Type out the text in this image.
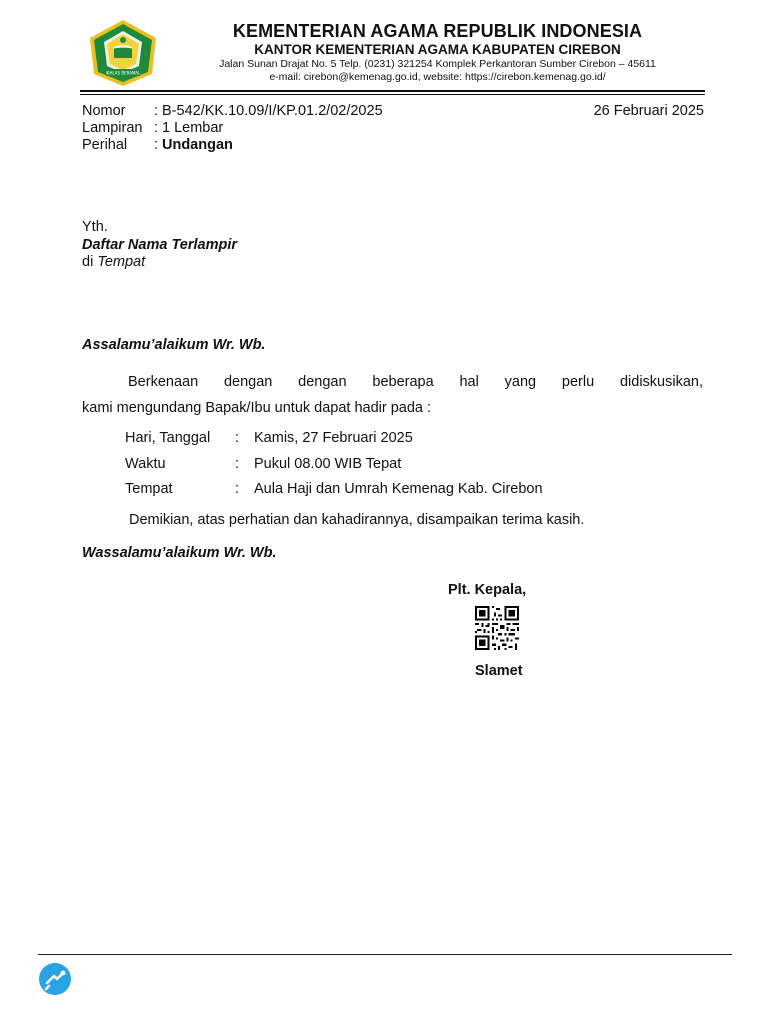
IKHLAS BERAMAL
KEMENTERIAN AGAMA REPUBLIK INDONESIA
KANTOR KEMENTERIAN AGAMA KABUPATEN CIREBON
Jalan Sunan Drajat No. 5 Telp. (0231) 321254 Komplek Perkantoran Sumber Cirebon – 45611
e-mail: cirebon@kemenag.go.id, website: https://cirebon.kemenag.go.id/
Nomor	: B-542/KK.10.09/I/KP.01.2/02/2025
Lampiran : 1 Lembar
Perihal	: Undangan
26 Februari 2025
Yth.
Daftar Nama Terlampir
di Tempat
Assalamu’alaikum Wr. Wb.
Berkenaan dengan dengan beberapa hal yang perlu didiskusikan,
kami mengundang Bapak/Ibu untuk dapat hadir pada :
Hari, Tanggal	:	Kamis, 27 Februari 2025
Waktu	:	Pukul 08.00 WIB Tepat
Tempat	:	Aula Haji dan Umrah Kemenag Kab. Cirebon
Demikian, atas perhatian dan kahadirannya, disampaikan terima kasih.
Wassalamu’alaikum Wr. Wb.
Plt. Kepala,
Slamet
